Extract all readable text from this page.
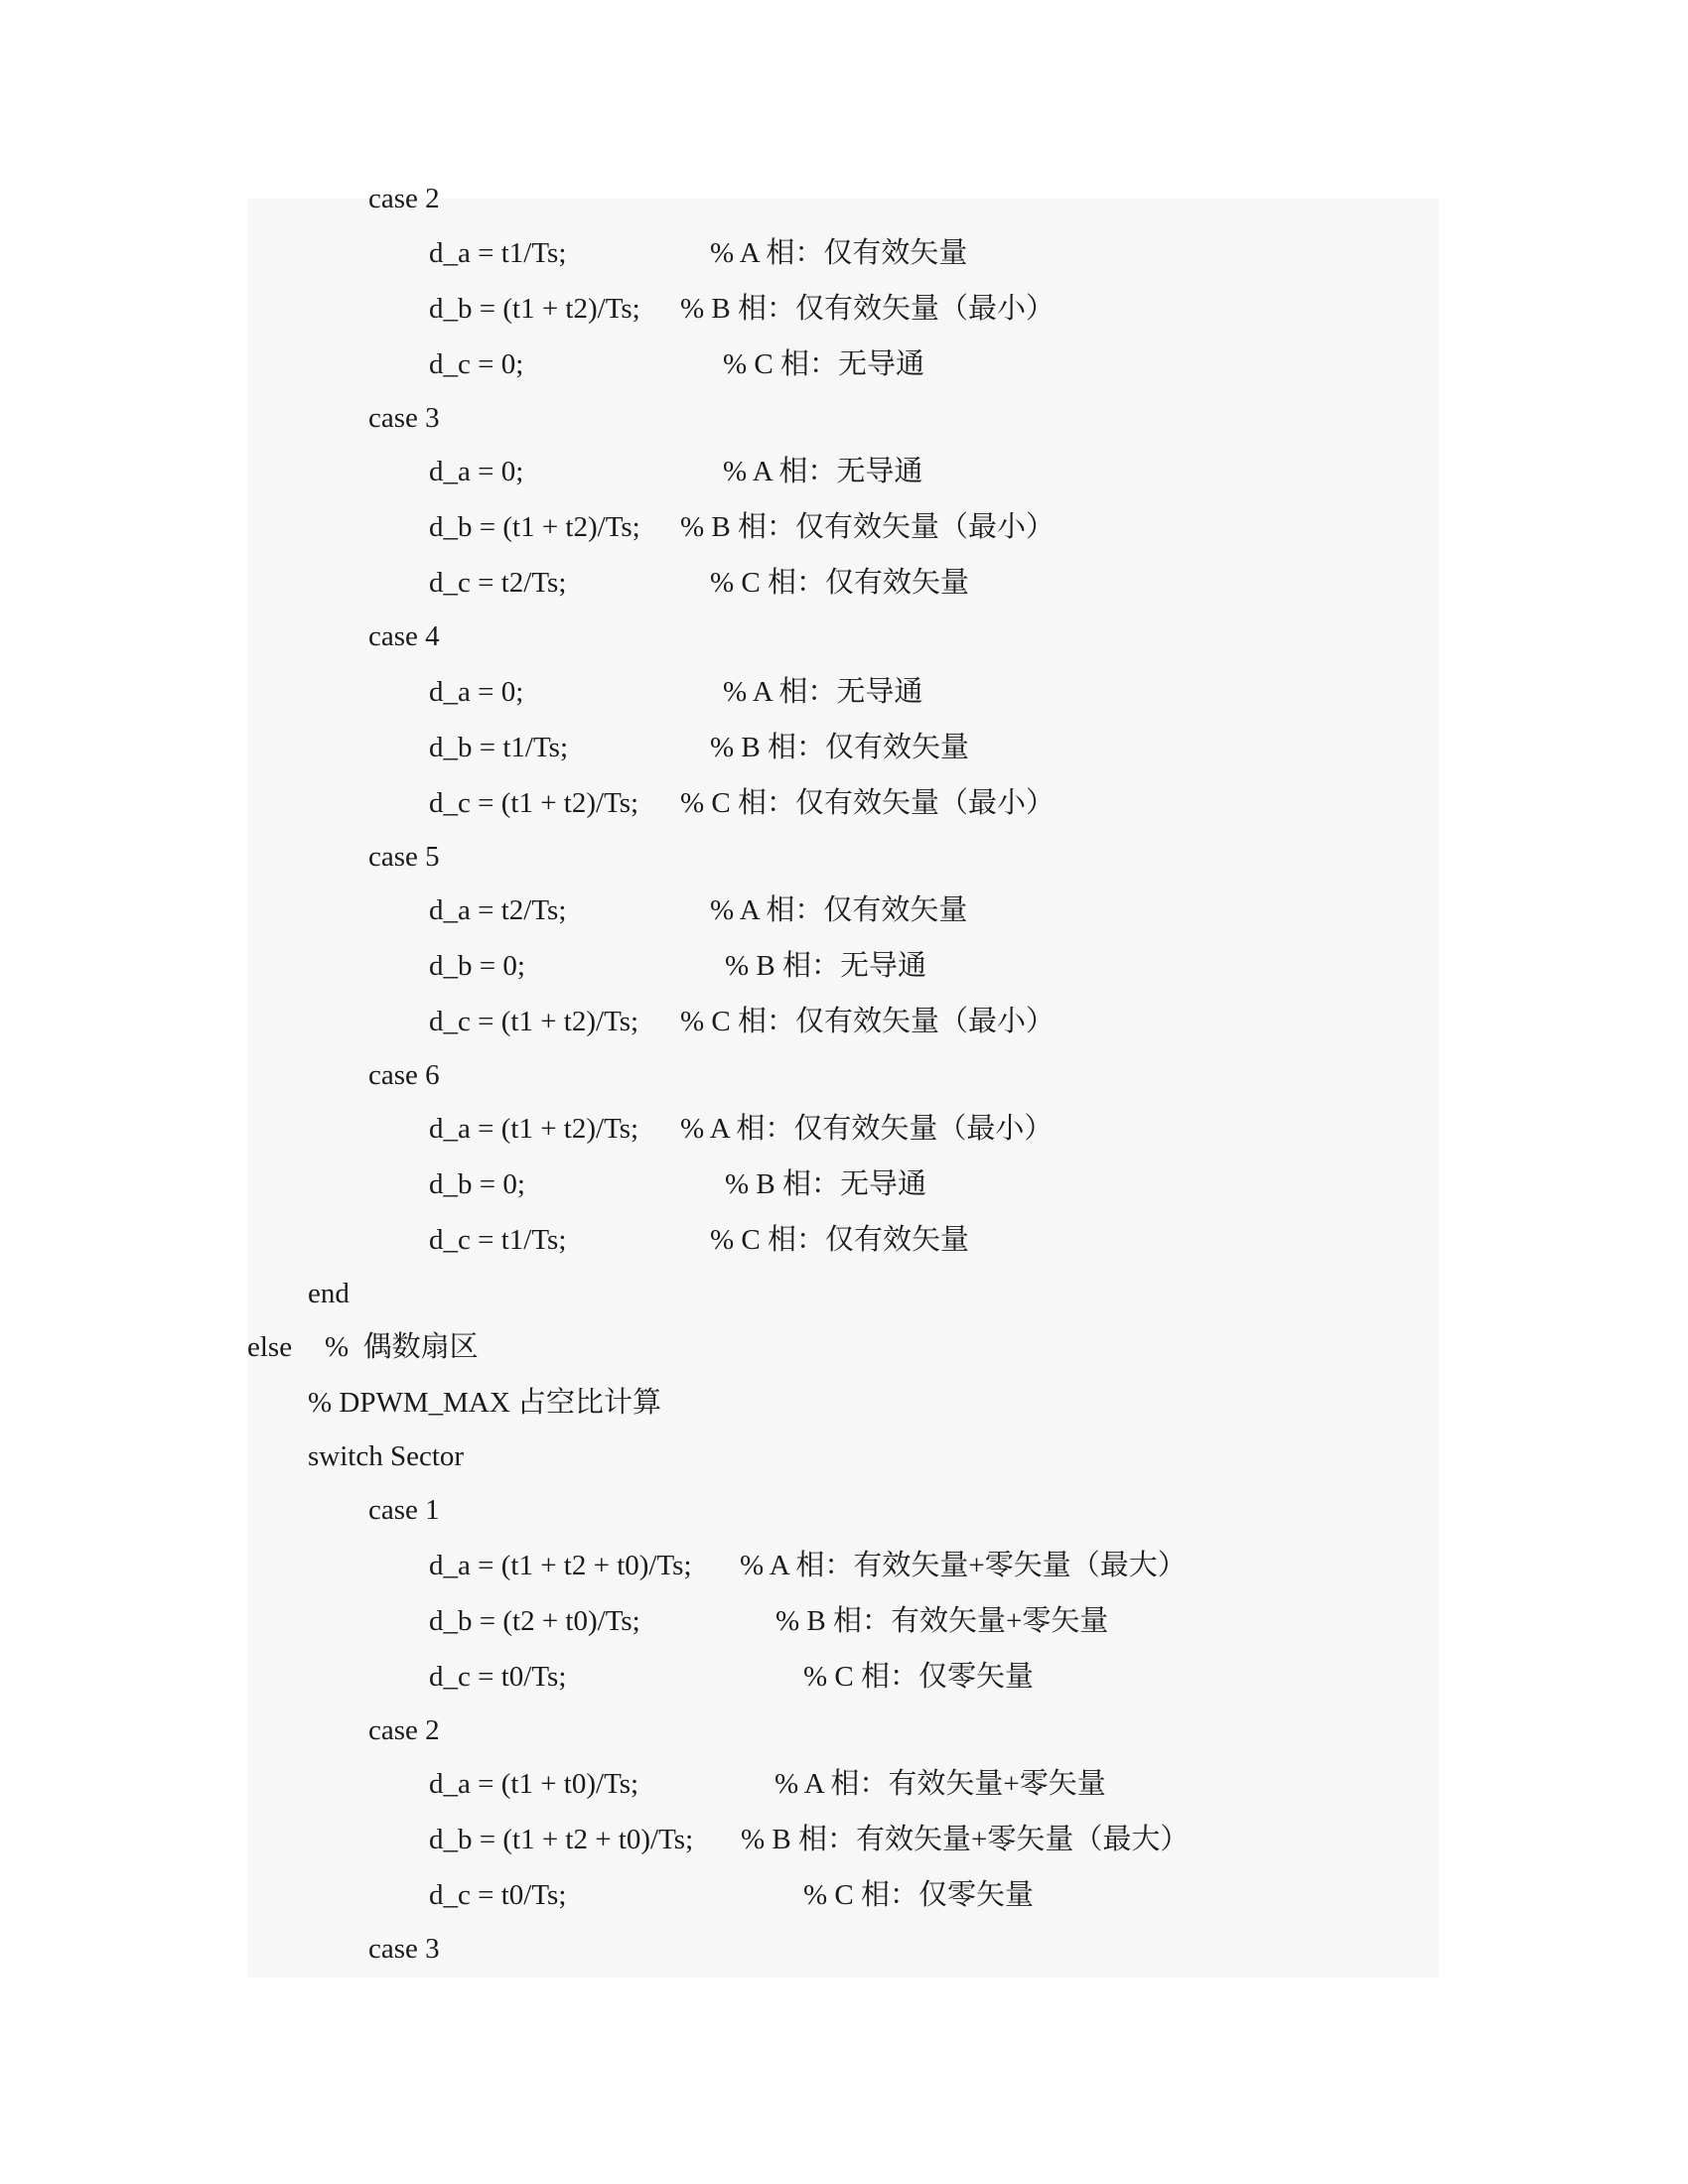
case 2

d_a = t1/Ts;

	% A 相：仅有效矢量

d_b = (t1 + t2)/Ts;

% B 相：仅有效矢量（最小）

d_c = 0;

	% C 相：无导通

case 3

d_a = 0;

	% A 相：无导通

d_b = (t1 + t2)/Ts;

% B 相：仅有效矢量（最小）

d_c = t2/Ts;

	% C 相：仅有效矢量

case 4

d_a = 0;

	% A 相：无导通

d_b = t1/Ts;

	% B 相：仅有效矢量

d_c = (t1 + t2)/Ts;

% C 相：仅有效矢量（最小）

case 5

d_a = t2/Ts;

	% A 相：仅有效矢量

d_b = 0;

	% B 相：无导通

d_c = (t1 + t2)/Ts;

% C 相：仅有效矢量（最小）

case 6

d_a = (t1 + t2)/Ts;

% A 相：仅有效矢量（最小）

d_b = 0;

	% B 相：无导通

d_c = t1/Ts;

	% C 相：仅有效矢量

end

else

%  偶数扇区

% DPWM_MAX 占空比计算

switch Sector

case 1

d_a = (t1 + t2 + t0)/Ts;

% A 相：有效矢量+零矢量（最大）

d_b = (t2 + t0)/Ts;

	% B 相：有效矢量+零矢量

d_c = t0/Ts;

	% C 相：仅零矢量

case 2

d_a = (t1 + t0)/Ts;

	% A 相：有效矢量+零矢量

d_b = (t1 + t2 + t0)/Ts;

% B 相：有效矢量+零矢量（最大）

d_c = t0/Ts;

	% C 相：仅零矢量

case 3
